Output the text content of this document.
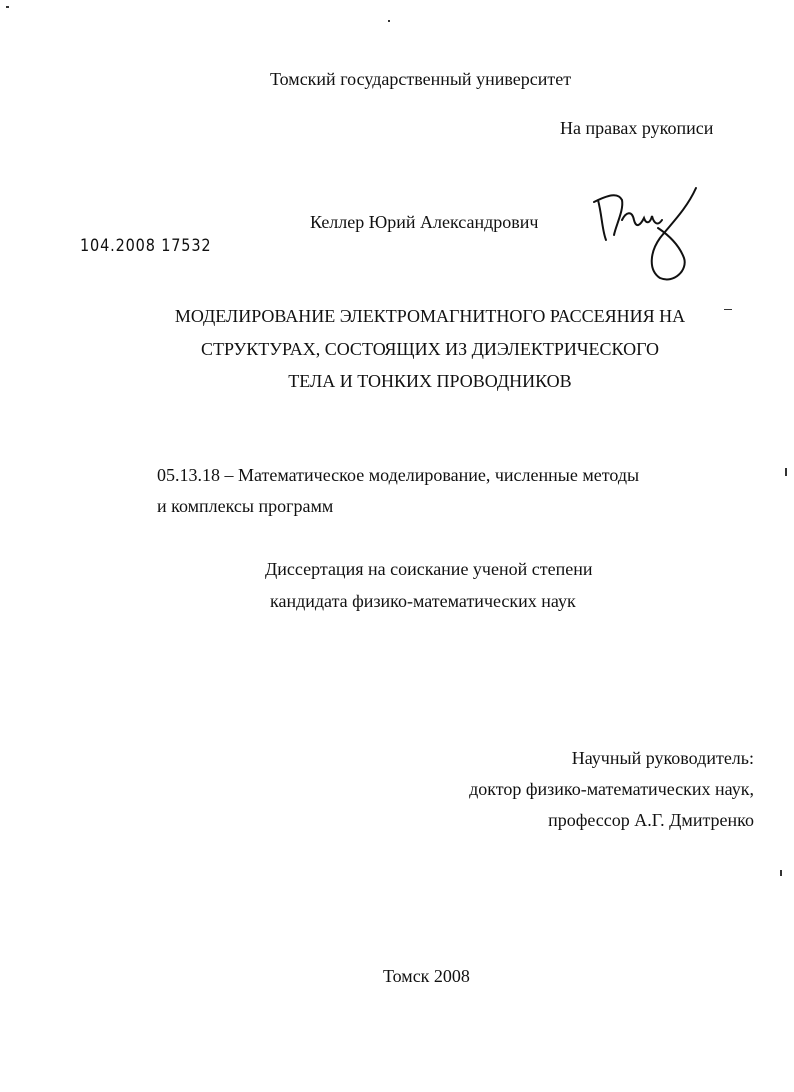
Томский государственный университет
На правах рукописи
104.2008 17532
Келлер Юрий Александрович
МОДЕЛИРОВАНИЕ ЭЛЕКТРОМАГНИТНОГО РАССЕЯНИЯ НА
СТРУКТУРАХ, СОСТОЯЩИХ ИЗ ДИЭЛЕКТРИЧЕСКОГО
ТЕЛА И ТОНКИХ ПРОВОДНИКОВ
05.13.18 – Математическое моделирование, численные методы
и комплексы программ
Диссертация на соискание ученой степени
кандидата физико-математических наук
Научный руководитель:
доктор физико-математических наук,
профессор А.Г. Дмитренко
Томск 2008
